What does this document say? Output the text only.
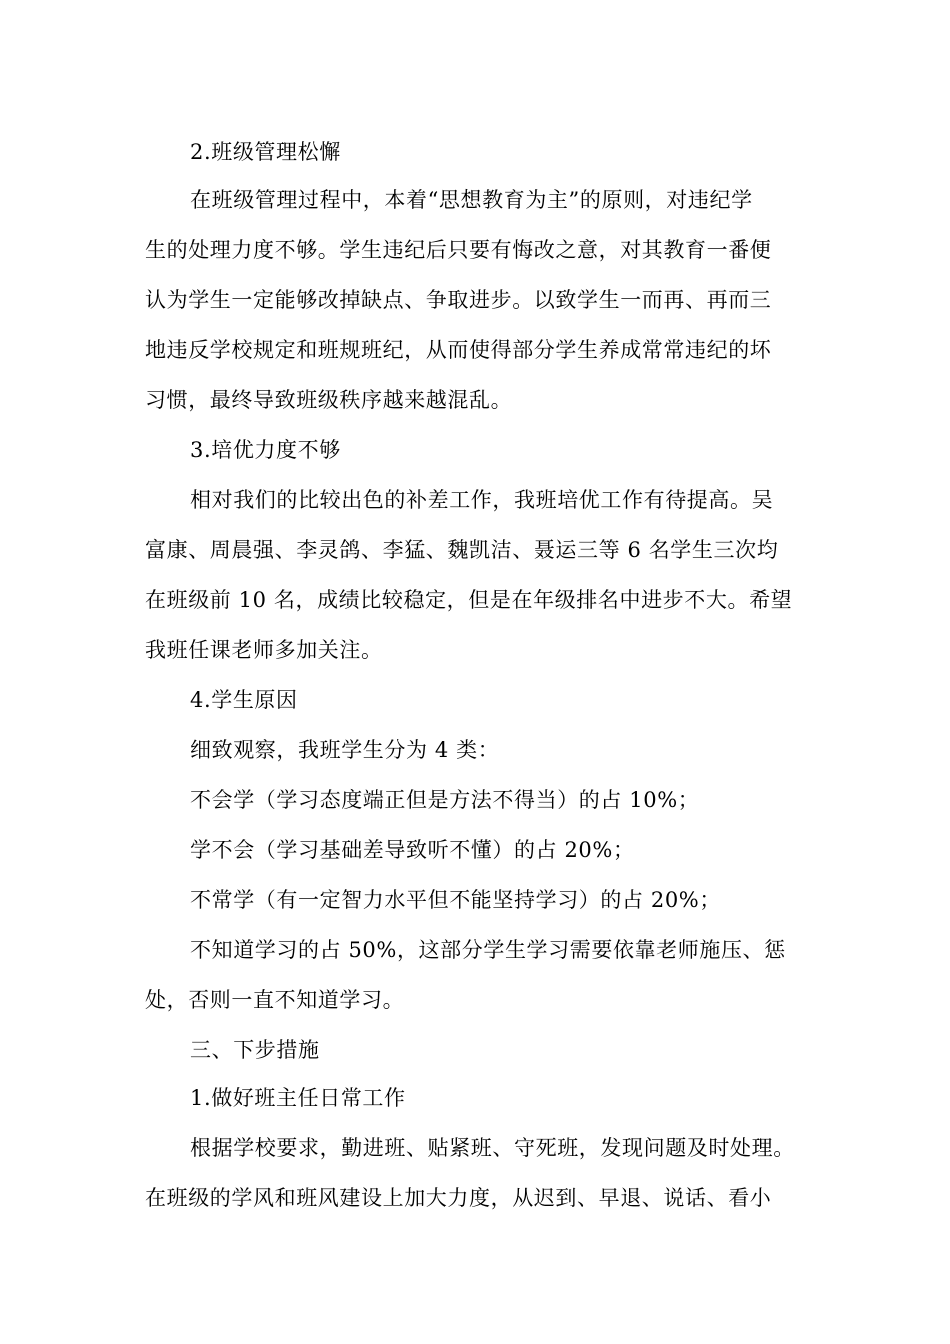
2.班级管理松懈
在班级管理过程中，本着“思想教育为主”的原则，对违纪学
生的处理力度不够。学生违纪后只要有悔改之意，对其教育一番便
认为学生一定能够改掉缺点、争取进步。以致学生一而再、再而三
地违反学校规定和班规班纪，从而使得部分学生养成常常违纪的坏
习惯，最终导致班级秩序越来越混乱。
3.培优力度不够
相对我们的比较出色的补差工作，我班培优工作有待提高。吴
富康、周晨强、李灵鸽、李猛、魏凯洁、聂运三等 6 名学生三次均
在班级前 10 名，成绩比较稳定，但是在年级排名中进步不大。希望
我班任课老师多加关注。
4.学生原因
细致观察，我班学生分为 4 类：
不会学（学习态度端正但是方法不得当）的占 10%；
学不会（学习基础差导致听不懂）的占 20%；
不常学（有一定智力水平但不能坚持学习）的占 20%；
不知道学习的占 50%，这部分学生学习需要依靠老师施压、惩
处，否则一直不知道学习。
三、下步措施
1.做好班主任日常工作
根据学校要求，勤进班、贴紧班、守死班，发现问题及时处理。
在班级的学风和班风建设上加大力度，从迟到、早退、说话、看小
